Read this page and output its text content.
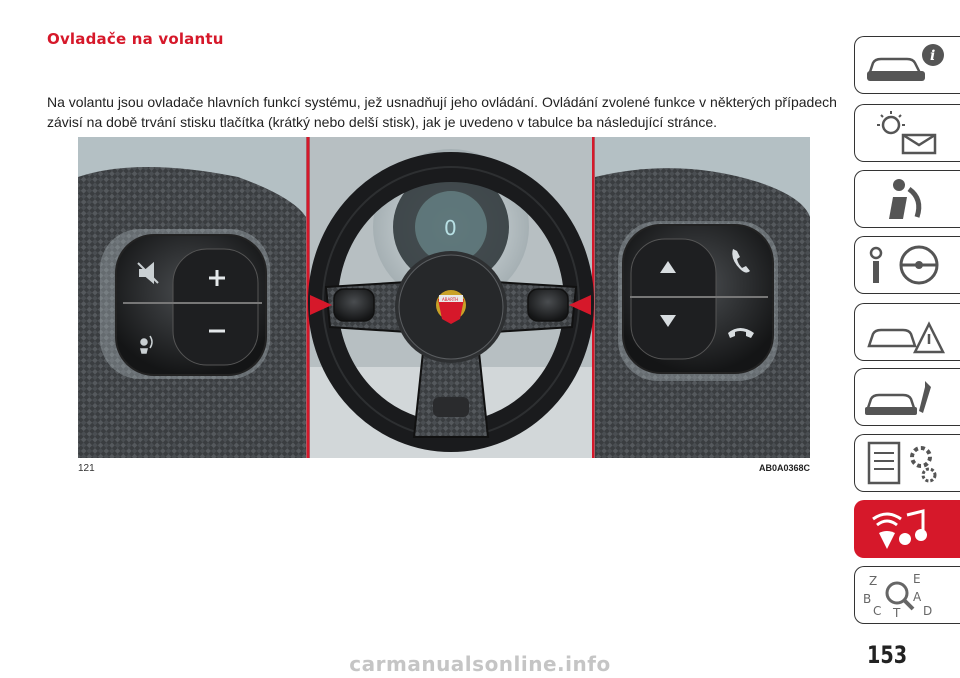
Ovladače na volantu
Na volantu jsou ovladače hlavních funkcí systému, jež usnadňují jeho ovládání. Ovládání zvolené funkce v některých případech závisí na době trvání stisku tlačítka (krátký nebo delší stisk), jak je uvedeno v tabulce ba následující stránce.
0
ABARTH
121	AB0A0368C
i
Z	E
B	A
C T D
153
carmanualsonline.info
